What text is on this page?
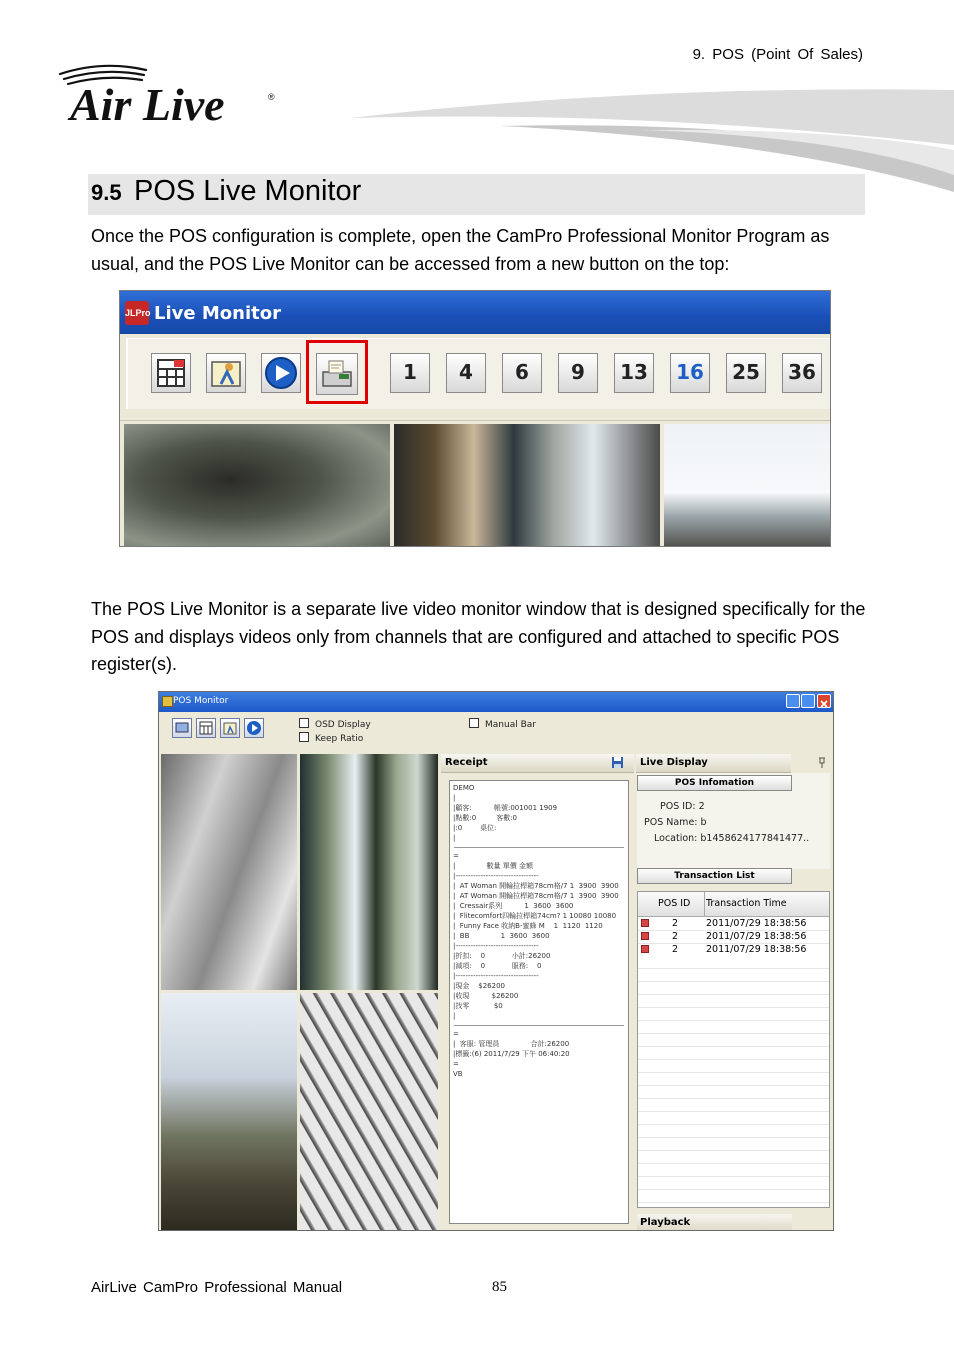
9. POS (Point Of Sales)
Air Live	®
9.5 POS Live Monitor
Once the POS configuration is complete, open the CamPro Professional Monitor Program as usual, and the POS Live Monitor can be accessed from a new button on the top:
JLPro Live Monitor
1	4	6	9	13 16 25 36
The POS Live Monitor is a separate live video monitor window that is designed specifically for the POS and displays videos only from channels that are configured and attached to specific POS register(s).
POS Monitor
OSD Display
Keep Ratio
Manual Bar
Receipt
DEMO
|
|顧客:          帳號:001001 1909
|點數:0         客數:0
|:0        桌位:
|
=
|              數量 單價 金額
|---------------------------------
|  AT Woman 開輪拉桿箱78cm格/7 1  3900  3900
|  AT Woman 開輪拉桿箱78cm格/7 1  3900  3900
|  Cressair系列          1  3600  3600
|  Flitecomfort四輪拉桿箱74cm? 1 10080 10080
|  Funny Face 收納B-蜜蜂 M    1  1120  1120
|  BB              1  3600  3600
|---------------------------------
|折扣:    0            小計:26200
|減項:    0            服務:    0
|---------------------------------
|現金    $26200
|收現          $26200
|找零           $0
|
=
|  客服: 管理員              合計:26200
|標籤:(6) 2011/7/29 下午 06:40:20
=
VB
Live Display
POS Infomation
POS ID: 2
POS Name: b
Location: b1458624177841477..
Transaction List
POS ID Transaction Time
2	2011/07/29 18:38:56
2	2011/07/29 18:38:56
2	2011/07/29 18:38:56
Playback
AirLive CamPro Professional Manual	85
